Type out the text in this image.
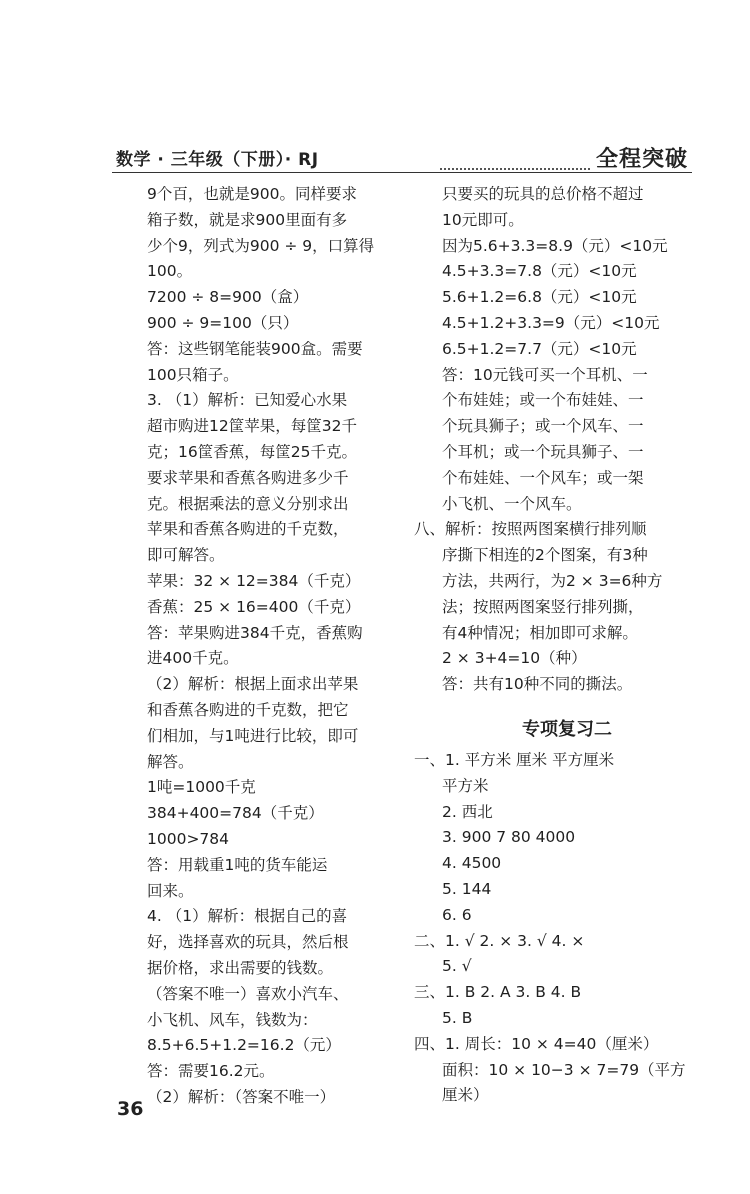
数学 · 三年级（下册）· RJ	全程突破
9个百，也就是900。同样要求
箱子数，就是求900里面有多
少个9，列式为900 ÷ 9，口算得
100。
7200 ÷ 8=900（盒）
900 ÷ 9=100（只）
答：这些钢笔能装900盒。需要
100只箱子。
3. （1）解析：已知爱心水果
超市购进12筐苹果，每筐32千
克；16筐香蕉，每筐25千克。
要求苹果和香蕉各购进多少千
克。根据乘法的意义分别求出
苹果和香蕉各购进的千克数，
即可解答。
苹果：32 × 12=384（千克）
香蕉：25 × 16=400（千克）
答：苹果购进384千克，香蕉购
进400千克。
（2）解析：根据上面求出苹果
和香蕉各购进的千克数，把它
们相加，与1吨进行比较，即可
解答。
1吨=1000千克
384+400=784（千克）
1000>784
答：用载重1吨的货车能运
回来。
4. （1）解析：根据自己的喜
好，选择喜欢的玩具，然后根
据价格，求出需要的钱数。
（答案不唯一）喜欢小汽车、
小飞机、风车，钱数为：
8.5+6.5+1.2=16.2（元）
答：需要16.2元。
（2）解析：（答案不唯一）
只要买的玩具的总价格不超过
10元即可。
因为5.6+3.3=8.9（元）<10元
4.5+3.3=7.8（元）<10元
5.6+1.2=6.8（元）<10元
4.5+1.2+3.3=9（元）<10元
6.5+1.2=7.7（元）<10元
答：10元钱可买一个耳机、一
个布娃娃；或一个布娃娃、一
个玩具狮子；或一个风车、一
个耳机；或一个玩具狮子、一
个布娃娃、一个风车；或一架
小飞机、一个风车。
八、解析：按照两图案横行排列顺
序撕下相连的2个图案，有3种
方法，共两行，为2 × 3=6种方
法；按照两图案竖行排列撕，
有4种情况；相加即可求解。
2 × 3+4=10（种）
答：共有10种不同的撕法。
专项复习二
一、1. 平方米 厘米 平方厘米
平方米
2. 西北
3. 900 7 80 4000
4. 4500
5. 144
6. 6
二、1. √ 2. × 3. √ 4. ×
5. √
三、1. B 2. A 3. B 4. B
5. B
四、1. 周长：10 × 4=40（厘米）
面积：10 × 10−3 × 7=79（平方
厘米）
36
